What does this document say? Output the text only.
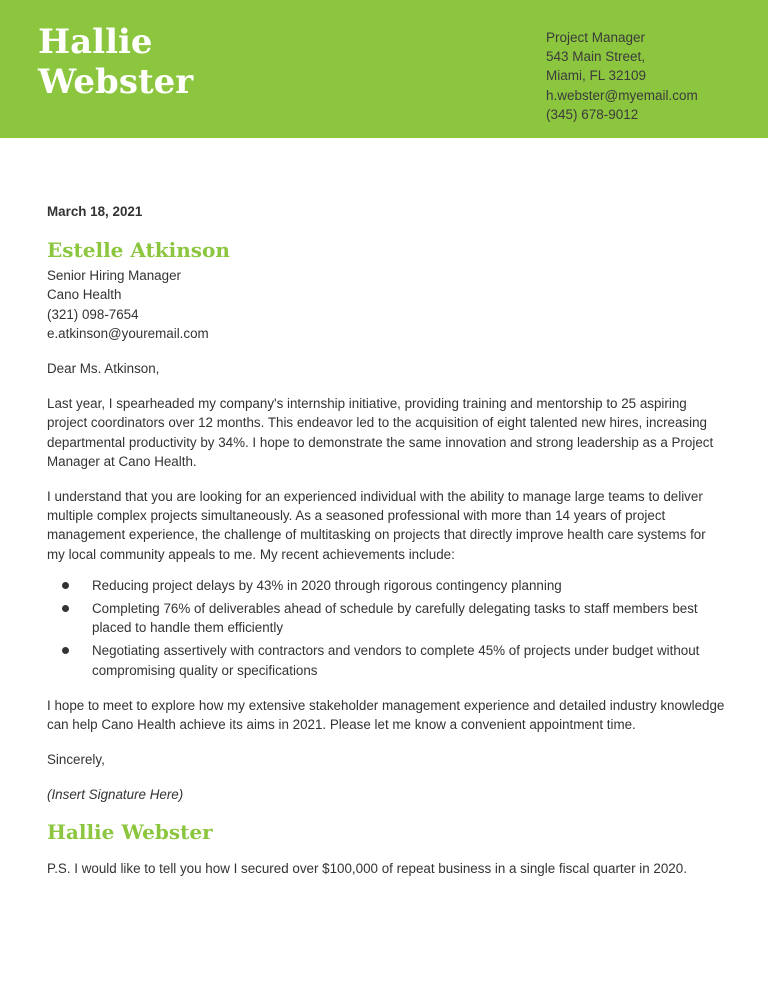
Hallie
Webster
Project Manager
543 Main Street,
Miami, FL 32109
h.webster@myemail.com
(345) 678-9012

March 18, 2021

Estelle Atkinson
Senior Hiring Manager
Cano Health
(321) 098-7654
e.atkinson@youremail.com

Dear Ms. Atkinson,

Last year, I spearheaded my company's internship initiative, providing training and mentorship to 25 aspiring project coordinators over 12 months. This endeavor led to the acquisition of eight talented new hires, increasing departmental productivity by 34%. I hope to demonstrate the same innovation and strong leadership as a Project Manager at Cano Health.

I understand that you are looking for an experienced individual with the ability to manage large teams to deliver multiple complex projects simultaneously. As a seasoned professional with more than 14 years of project management experience, the challenge of multitasking on projects that directly improve health care systems for my local community appeals to me. My recent achievements include:

Reducing project delays by 43% in 2020 through rigorous contingency planning
Completing 76% of deliverables ahead of schedule by carefully delegating tasks to staff members best placed to handle them efficiently
Negotiating assertively with contractors and vendors to complete 45% of projects under budget without compromising quality or specifications

I hope to meet to explore how my extensive stakeholder management experience and detailed industry knowledge can help Cano Health achieve its aims in 2021. Please let me know a convenient appointment time.

Sincerely,

(Insert Signature Here)

Hallie Webster

P.S. I would like to tell you how I secured over $100,000 of repeat business in a single fiscal quarter in 2020.
